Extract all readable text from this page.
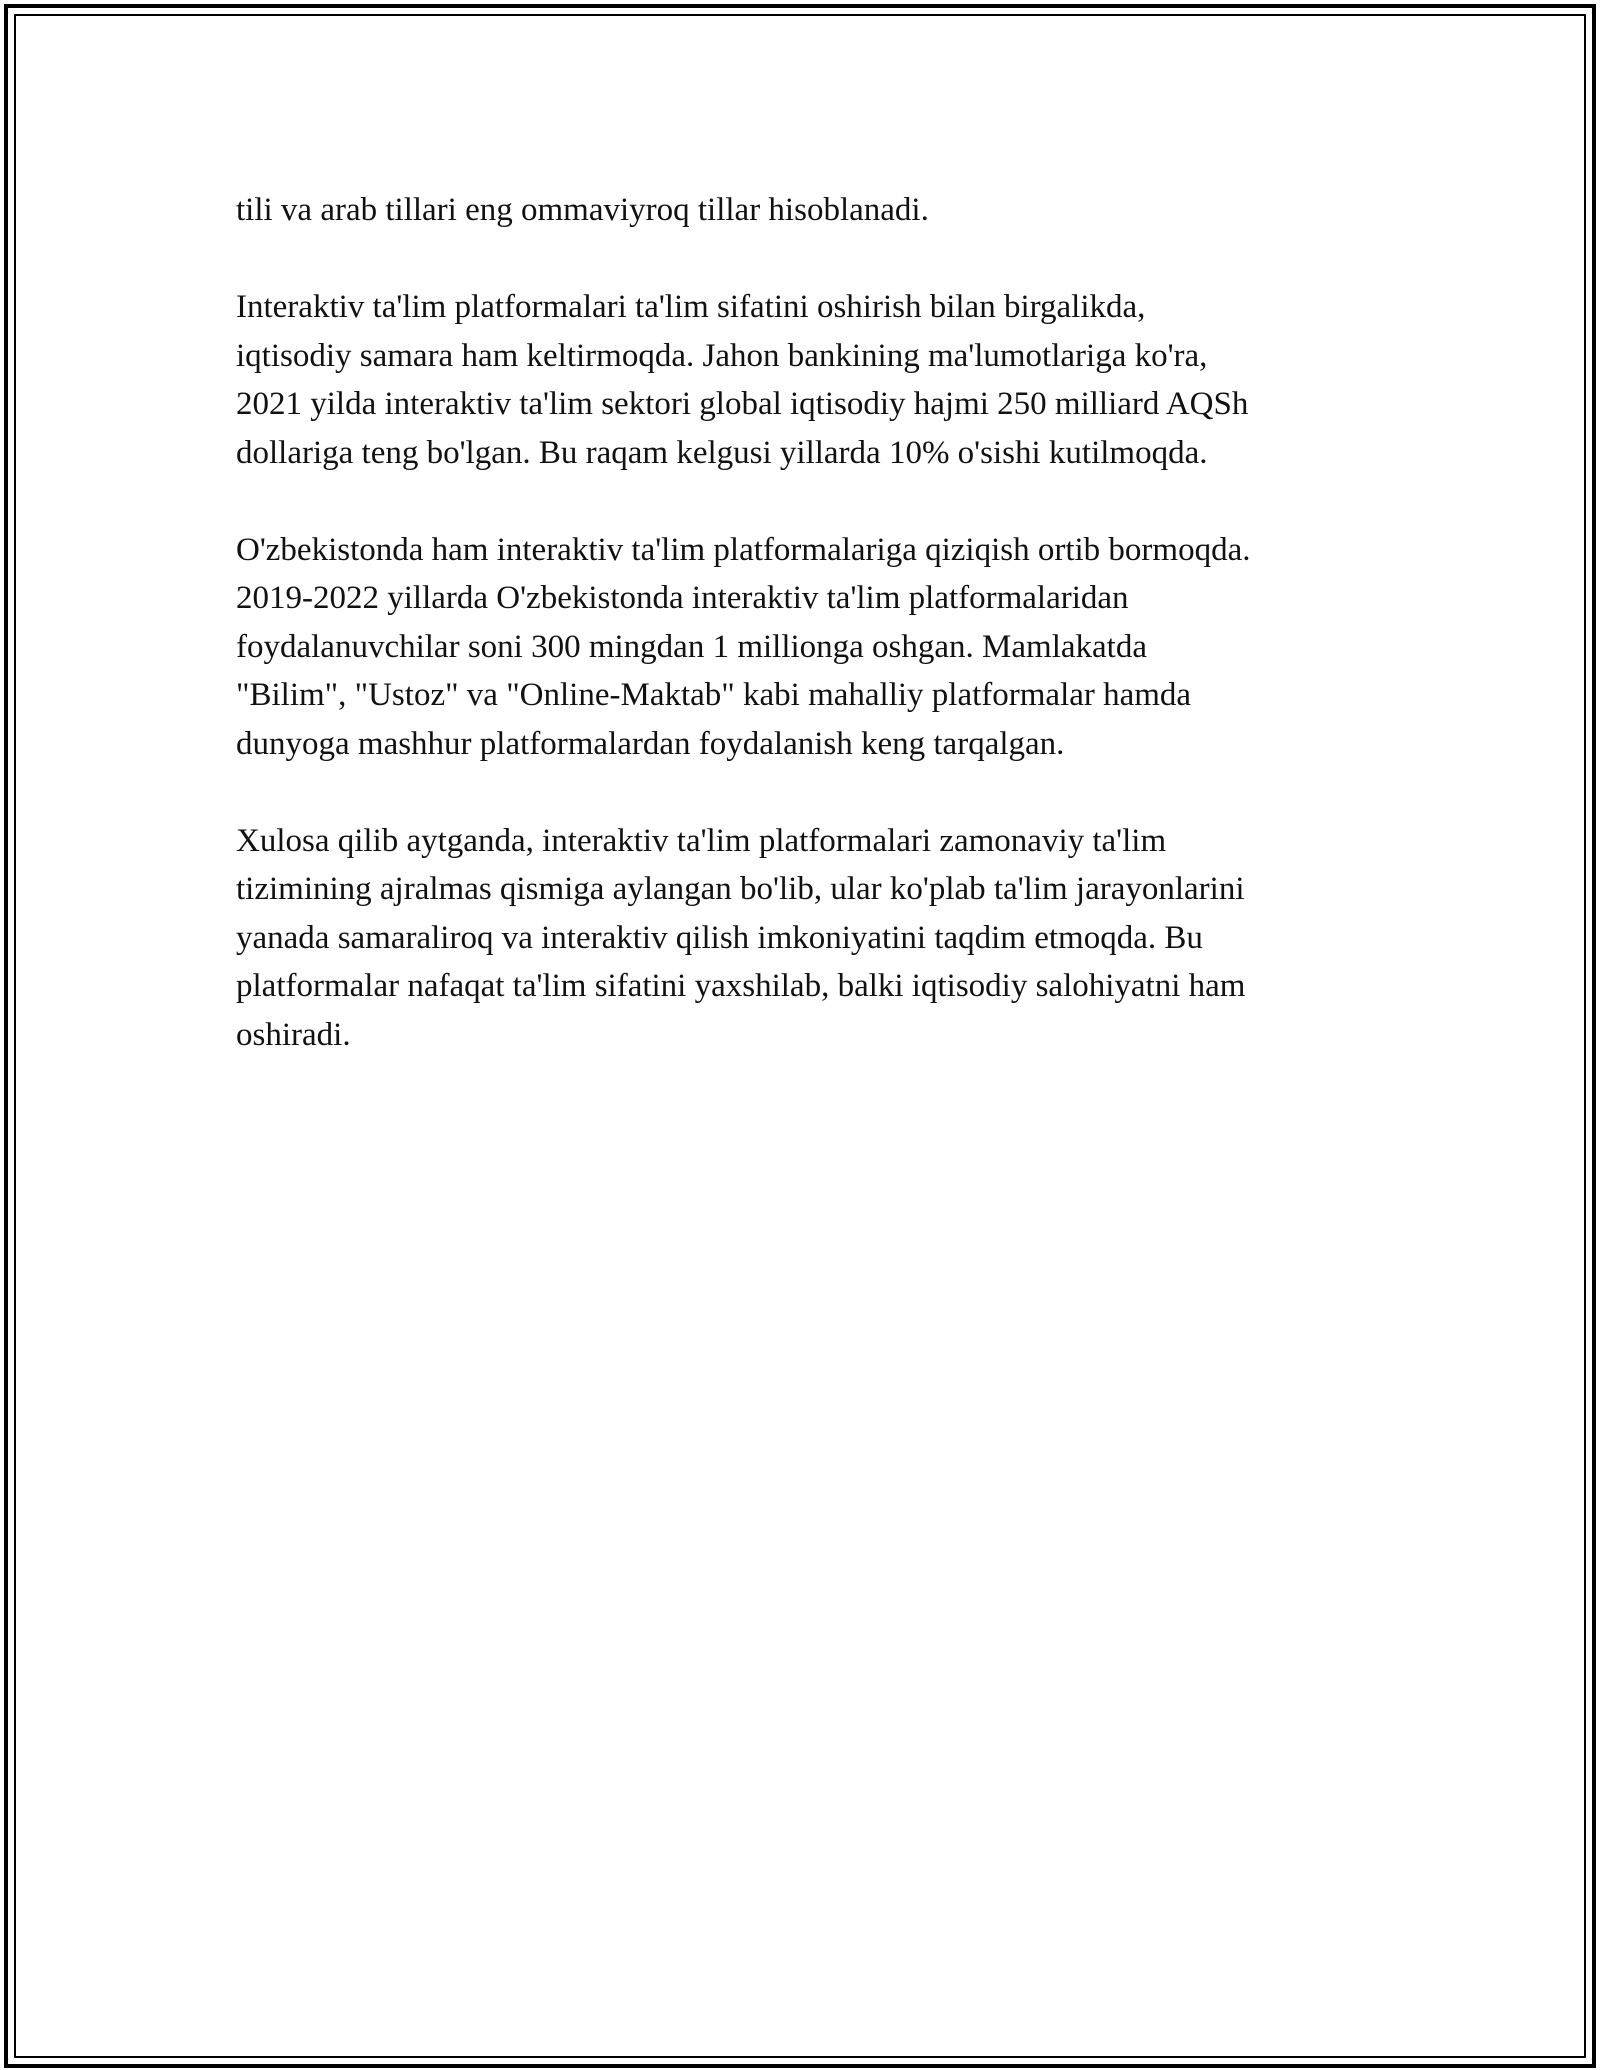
tili va arab tillari eng ommaviyroq tillar hisoblanadi.

Interaktiv ta'lim platformalari ta'lim sifatini oshirish bilan birgalikda,
iqtisodiy samara ham keltirmoqda. Jahon bankining ma'lumotlariga ko'ra,
2021 yilda interaktiv ta'lim sektori global iqtisodiy hajmi 250 milliard AQSh
dollariga teng bo'lgan. Bu raqam kelgusi yillarda 10% o'sishi kutilmoqda.

O'zbekistonda ham interaktiv ta'lim platformalariga qiziqish ortib bormoqda.
2019-2022 yillarda O'zbekistonda interaktiv ta'lim platformalaridan
foydalanuvchilar soni 300 mingdan 1 millionga oshgan. Mamlakatda
"Bilim", "Ustoz" va "Online-Maktab" kabi mahalliy platformalar hamda
dunyoga mashhur platformalardan foydalanish keng tarqalgan.

Xulosa qilib aytganda, interaktiv ta'lim platformalari zamonaviy ta'lim
tizimining ajralmas qismiga aylangan bo'lib, ular ko'plab ta'lim jarayonlarini
yanada samaraliroq va interaktiv qilish imkoniyatini taqdim etmoqda. Bu
platformalar nafaqat ta'lim sifatini yaxshilab, balki iqtisodiy salohiyatni ham
oshiradi.
